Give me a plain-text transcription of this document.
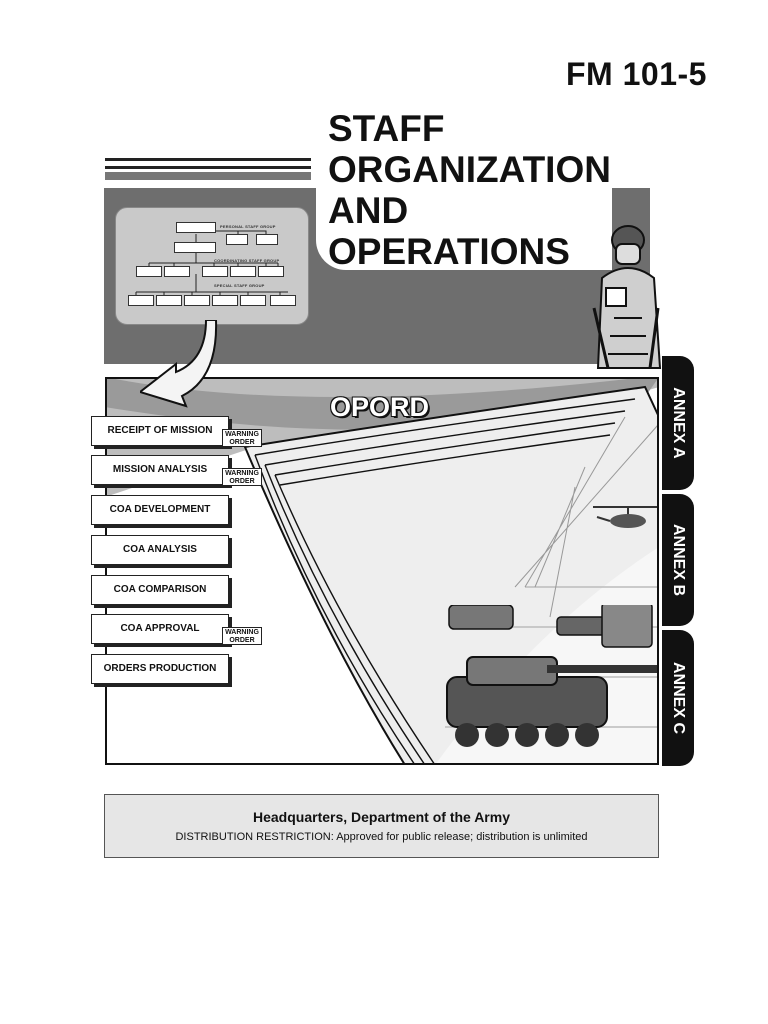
FM 101-5
STAFF
ORGANIZATION
AND
OPERATIONS
PERSONAL STAFF GROUP
COORDINATING STAFF GROUP
SPECIAL STAFF GROUP
OPORD
RECEIPT OF MISSION	WARNING ORDER
MISSION ANALYSIS	WARNING ORDER
COA DEVELOPMENT
COA ANALYSIS
COA COMPARISON
COA APPROVAL	WARNING ORDER
ORDERS PRODUCTION
ANNEX A
ANNEX B
ANNEX C
Headquarters, Department of the Army
DISTRIBUTION RESTRICTION: Approved for public release; distribution is unlimited
